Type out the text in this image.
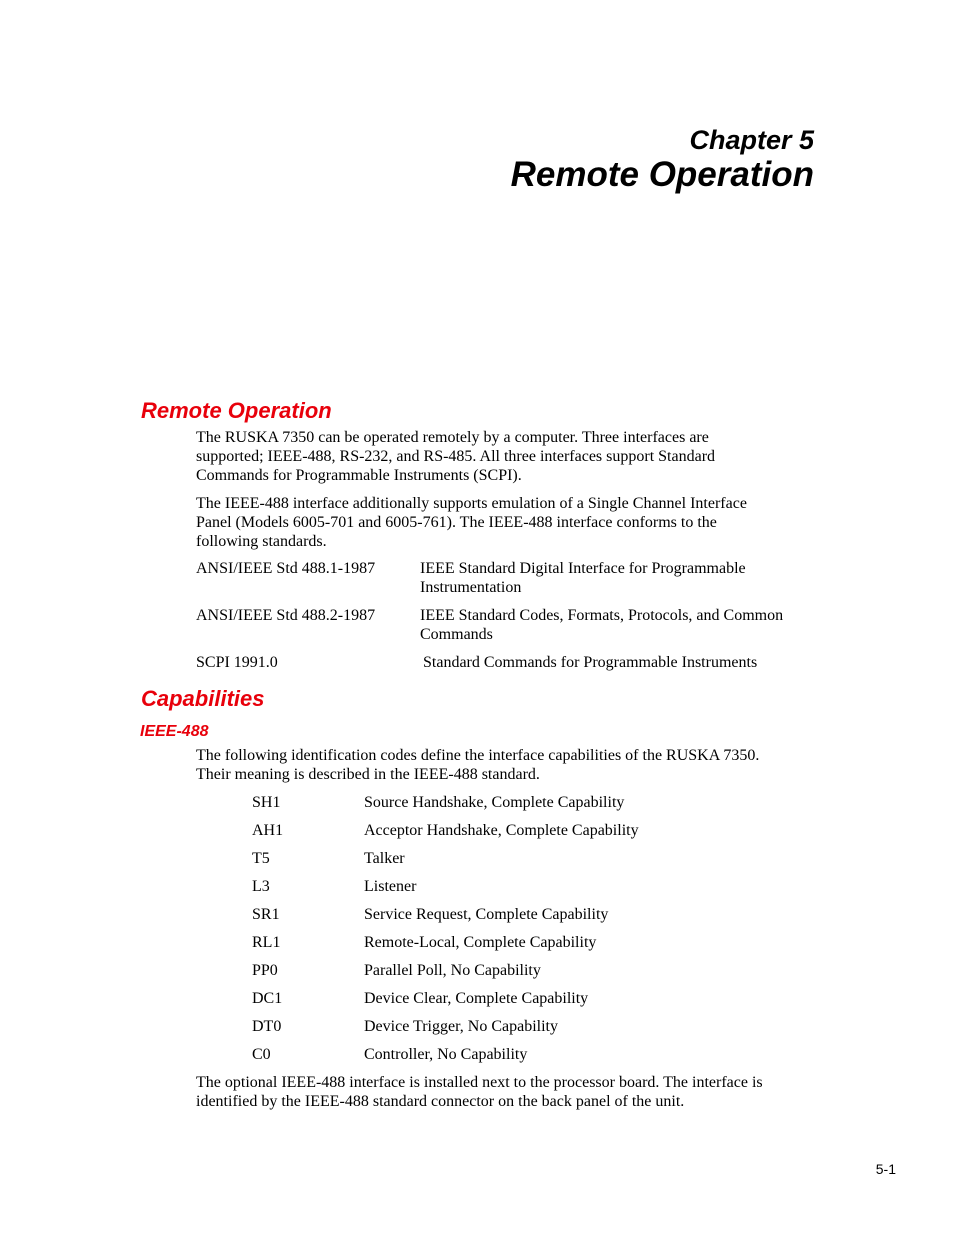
Chapter 5
Remote Operation
Remote Operation
The RUSKA 7350 can be operated remotely by a computer. Three interfaces are
supported; IEEE-488, RS-232, and RS-485. All three interfaces support Standard
Commands for Programmable Instruments (SCPI).
The IEEE-488 interface additionally supports emulation of a Single Channel Interface
Panel (Models 6005-701 and 6005-761). The IEEE-488 interface conforms to the
following standards.
ANSI/IEEE Std 488.1-1987	IEEE Standard Digital Interface for Programmable
Instrumentation
ANSI/IEEE Std 488.2-1987	IEEE Standard Codes, Formats, Protocols, and Common
Commands
SCPI 1991.0	Standard Commands for Programmable Instruments
Capabilities
IEEE-488
The following identification codes define the interface capabilities of the RUSKA 7350.
Their meaning is described in the IEEE-488 standard.
SH1	Source Handshake, Complete Capability
AH1	Acceptor Handshake, Complete Capability
T5	Talker
L3	Listener
SR1	Service Request, Complete Capability
RL1	Remote-Local, Complete Capability
PP0	Parallel Poll, No Capability
DC1	Device Clear, Complete Capability
DT0	Device Trigger, No Capability
C0	Controller, No Capability
The optional IEEE-488 interface is installed next to the processor board. The interface is
identified by the IEEE-488 standard connector on the back panel of the unit.
5-1
